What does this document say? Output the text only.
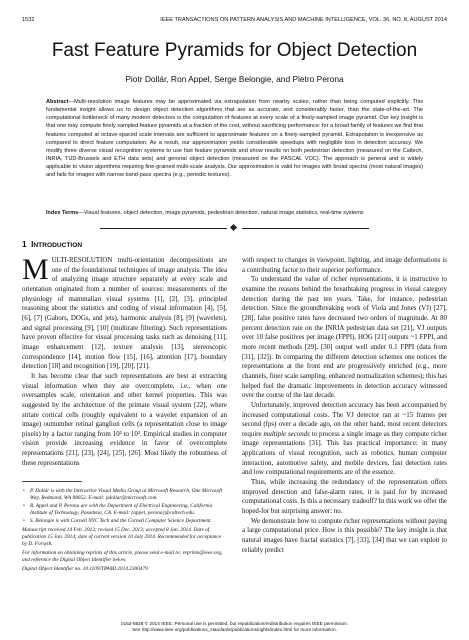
1532	IEEE TRANSACTIONS ON PATTERN ANALYSIS AND MACHINE INTELLIGENCE, VOL. 36, NO. 8, AUGUST 2014
Fast Feature Pyramids for Object Detection
Piotr Dollár, Ron Appel, Serge Belongie, and Pietro Perona
Abstract—Multi-resolution image features may be approximated via extrapolation from nearby scales, rather than being computed explicitly. This fundamental insight allows us to design object detection algorithms that are as accurate, and considerably faster, than the state-of-the-art. The computational bottleneck of many modern detectors is the computation of features at every scale of a finely-sampled image pyramid. Our key insight is that one may compute finely sampled feature pyramids at a fraction of the cost, without sacrificing performance: for a broad family of features we find that features computed at octave-spaced scale intervals are sufficient to approximate features on a finely-sampled pyramid. Extrapolation is inexpensive as compared to direct feature computation. As a result, our approximation yields considerable speedups with negligible loss in detection accuracy. We modify three diverse visual recognition systems to use fast feature pyramids and show results on both pedestrian detection (measured on the Caltech, INRIA, TUD-Brussels and ETH data sets) and general object detection (measured on the PASCAL VOC). The approach is general and is widely applicable to vision algorithms requiring fine-grained multi-scale analysis. Our approximation is valid for images with broad spectra (most natural images) and fails for images with narrow band-pass spectra (e.g., periodic textures).
Index Terms—Visual features, object detection, image pyramids, pedestrian detection, natural image statistics, real-time systems
1 INTRODUCTION

MULTI-RESOLUTION multi-orientation decompositions are one of the foundational techniques of image analysis. The idea of analyzing image structure separately at every scale and orientation originated from a number of sources: measurements of the physiology of mammalian visual systems [1], [2], [3], principled reasoning about the statistics and coding of visual information [4], [5], [6], [7] (Gabors, DOGs, and jets), harmonic analysis [8], [9] (wavelets), and signal processing [9], [10] (multirate filtering). Such representations have proven effective for visual processing tasks such as denoising [11], image enhancement [12], texture analysis [13], stereoscopic correspondence [14], motion flow [15], [16], attention [17], boundary detection [18] and recognition [19], [20], [21].

It has become clear that such representations are best at extracting visual information when they are overcomplete, i.e., when one oversamples scale, orientation and other kernel properties. This was suggested by the architecture of the primate visual system [22], where striate cortical cells (roughly equivalent to a wavelet expansion of an image) outnumber retinal ganglion cells (a representation close to image pixels) by a factor ranging from 10² to 10³. Empirical studies in computer vision provide increasing evidence in favor of overcomplete representations [21], [23], [24], [25], [26]. Most likely the robustness of these representations

with respect to changes in viewpoint, lighting, and image deformations is a contributing factor to their superior performance.

To understand the value of richer representations, it is instructive to examine the reasons behind the breathtaking progress in visual category detection during the past ten years. Take, for instance, pedestrian detection. Since the groundbreaking work of Viola and Jones (VJ) [27], [28], false positive rates have decreased two orders of magnitude. At 80 percent detection rate on the INRIA pedestrian data set [21], VJ outputs over 10 false positives per image (FPPI), HOG [21] outputs ~1 FPPI, and more recent methods [29], [30] output well under 0.1 FPPI (data from [31], [32]). In comparing the different detection schemes one notices the representations at the front end are progressively enriched (e.g., more channels, finer scale sampling, enhanced normalization schemes); this has helped fuel the dramatic improvements in detection accuracy witnessed over the course of the last decade.

Unfortunately, improved detection accuracy has been accompanied by increased computational costs. The VJ detector ran at ~15 frames per second (fps) over a decade ago, on the other hand, most recent detectors require multiple seconds to process a single image as they compute richer image representations [31]. This has practical importance: in many applications of visual recognition, such as robotics, human computer interaction, automotive safety, and mobile devices, fast detection rates and low computational requirements are of the essence.

Thus, while increasing the redundancy of the representation offers improved detection and false-alarm rates, it is paid for by increased computational costs. Is this a necessary tradeoff? In this work we offer the hoped-for but surprising answer: no.

We demonstrate how to compute richer representations without paying a large computational price. How is this possible? The key insight is that natural images have fractal statistics [7], [33], [34] that we can exploit to reliably predict

• P. Dollár is with the Interactive Visual Media Group at Microsoft Research, One Microsoft Way, Redmond, WA 98052. E-mail: pdollar@microsoft.com.
• R. Appel and P. Perona are with the Department of Electrical Engineering, California Institute of Technology, Pasadena, CA. E-mail: {appel, perona}@caltech.edu.
• S. Belongie is with Cornell NYC Tech and the Cornell Computer Science Department.
Manuscript received 14 Feb. 2013; revised 15 Dec. 2013; accepted 8 Jan. 2014. Date of publication 15 Jan. 2014; date of current version 10 July 2014. Recommended for acceptance by D. Forsyth.
For information on obtaining reprints of this article, please send e-mail to: reprints@ieee.org, and reference the Digital Object Identifier below.
Digital Object Identifier no. 10.1109/TPAMI.2014.2300479
0162-8828 © 2014 IEEE. Personal use is permitted, but republication/redistribution requires IEEE permission.
See http://www.ieee.org/publications_standards/publications/rights/index.html for more information.
